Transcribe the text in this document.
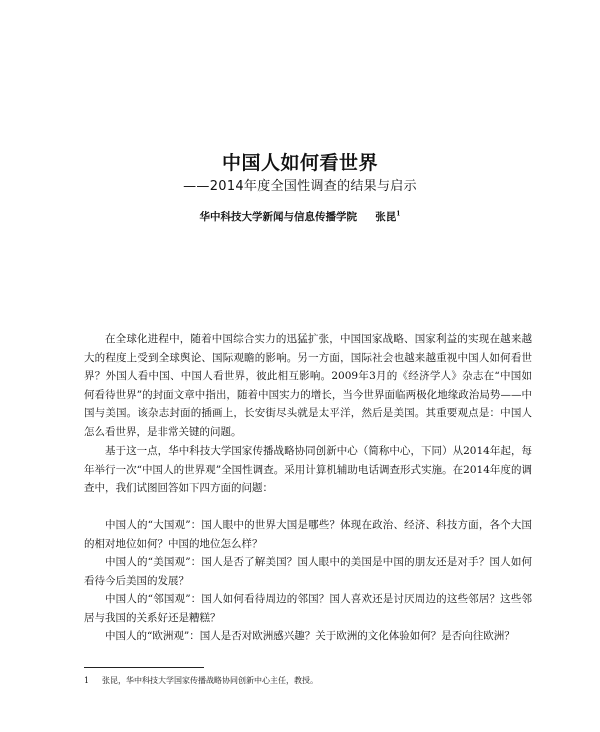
中国人如何看世界
——2014年度全国性调查的结果与启示
华中科技大学新闻与信息传播学院 张昆$^1$
在全球化进程中，随着中国综合实力的迅猛扩张，中国国家战略、国家利益的实现在越来越大的程度上受到全球舆论、国际观瞻的影响。另一方面，国际社会也越来越重视中国人如何看世界？外国人看中国、中国人看世界，彼此相互影响。2009年3月的《经济学人》杂志在“中国如何看待世界”的封面文章中指出，随着中国实力的增长，当今世界面临两极化地缘政治局势——中国与美国。该杂志封面的插画上，长安街尽头就是太平洋，然后是美国。其重要观点是：中国人怎么看世界，是非常关键的问题。
基于这一点，华中科技大学国家传播战略协同创新中心（简称中心，下同）从2014年起，每年举行一次“中国人的世界观”全国性调查。采用计算机辅助电话调查形式实施。在2014年度的调查中，我们试图回答如下四方面的问题：
中国人的“大国观”：国人眼中的世界大国是哪些？体现在政治、经济、科技方面，各个大国的相对地位如何？中国的地位怎么样？
中国人的“美国观”：国人是否了解美国？国人眼中的美国是中国的朋友还是对手？国人如何看待今后美国的发展？
中国人的“邻国观”：国人如何看待周边的邻国？国人喜欢还是讨厌周边的这些邻居？这些邻居与我国的关系好还是糟糕？
中国人的“欧洲观”：国人是否对欧洲感兴趣？关于欧洲的文化体验如何？是否向往欧洲？
1 张昆，华中科技大学国家传播战略协同创新中心主任，教授。
